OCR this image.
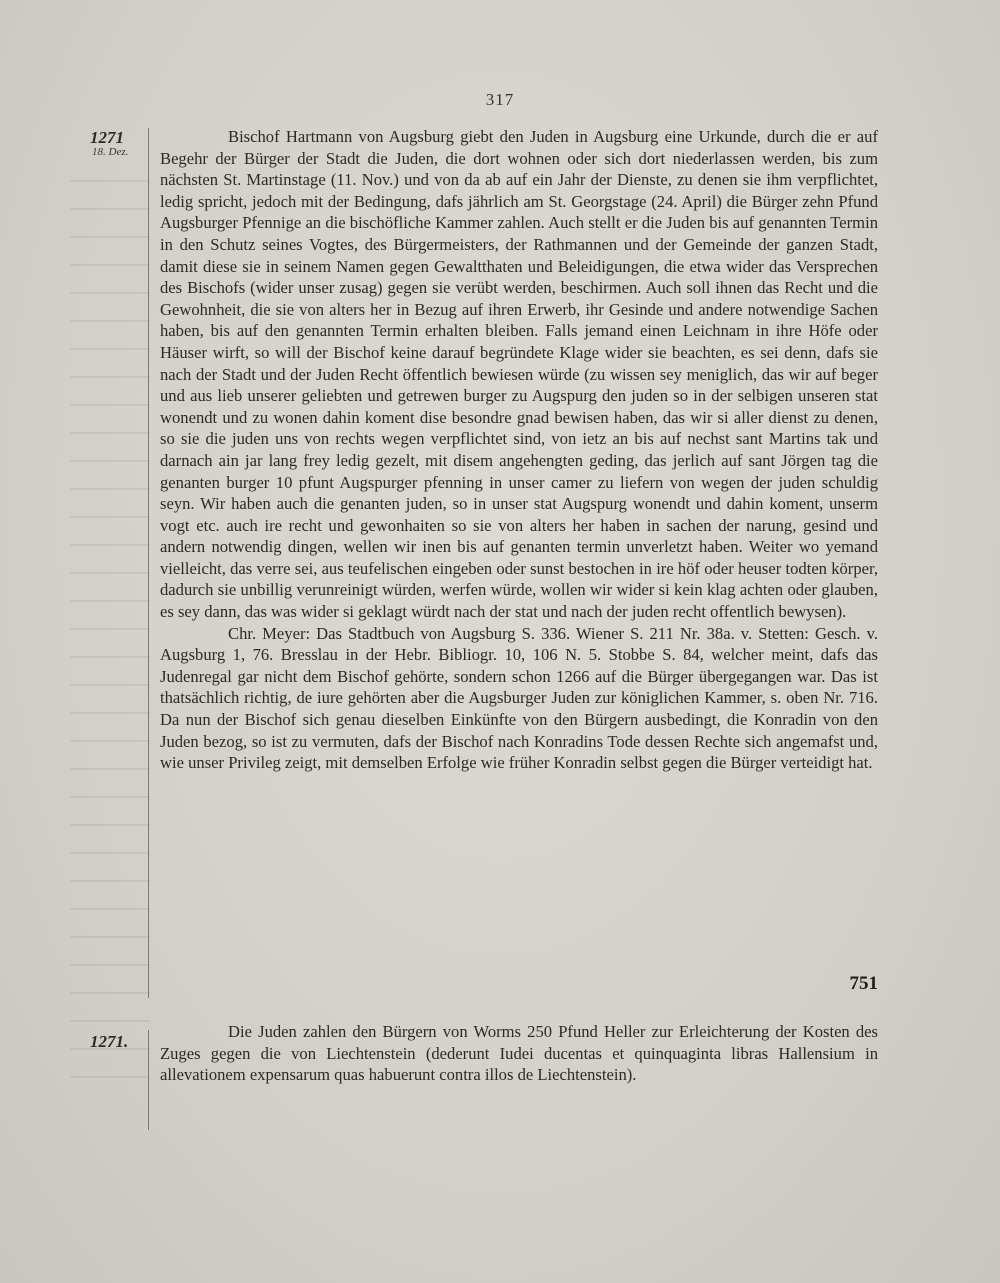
317
1271
18. Dez.

Bischof Hartmann von Augsburg giebt den Juden in Augsburg eine Urkunde, durch die er auf Begehr der Bürger der Stadt die Juden, die dort wohnen oder sich dort niederlassen werden, bis zum nächsten St. Martinstage (11. Nov.) und von da ab auf ein Jahr der Dienste, zu denen sie ihm verpflichtet, ledig spricht, jedoch mit der Bedingung, dafs jährlich am St. Georgstage (24. April) die Bürger zehn Pfund Augsburger Pfennige an die bischöfliche Kammer zahlen. Auch stellt er die Juden bis auf genannten Termin in den Schutz seines Vogtes, des Bürgermeisters, der Rathmannen und der Gemeinde der ganzen Stadt, damit diese sie in seinem Namen gegen Gewaltthaten und Beleidigungen, die etwa wider das Versprechen des Bischofs (wider unser zusag) gegen sie verübt werden, beschirmen. Auch soll ihnen das Recht und die Gewohnheit, die sie von alters her in Bezug auf ihren Erwerb, ihr Gesinde und andere notwendige Sachen haben, bis auf den genannten Termin erhalten bleiben. Falls jemand einen Leichnam in ihre Höfe oder Häuser wirft, so will der Bischof keine darauf begründete Klage wider sie beachten, es sei denn, dafs sie nach der Stadt und der Juden Recht öffentlich bewiesen würde (zu wissen sey meniglich, das wir auf beger und aus lieb unserer geliebten und getrewen burger zu Augspurg den juden so in der selbigen unseren stat wonendt und zu wonen dahin koment dise besondre gnad bewisen haben, das wir si aller dienst zu denen, so sie die juden uns von rechts wegen verpflichtet sind, von ietz an bis auf nechst sant Martins tak und darnach ain jar lang frey ledig gezelt, mit disem angehengten geding, das jerlich auf sant Jörgen tag die genanten burger 10 pfunt Augspurger pfenning in unser camer zu liefern von wegen der juden schuldig seyn. Wir haben auch die genanten juden, so in unser stat Augspurg wonendt und dahin koment, unserm vogt etc. auch ire recht und gewonhaiten so sie von alters her haben in sachen der narung, gesind und andern notwendig dingen, wellen wir inen bis auf genanten termin unverletzt haben. Weiter wo yemand vielleicht, das verre sei, aus teufelischen eingeben oder sunst bestochen in ire höf oder heuser todten körper, dadurch sie unbillig verunreinigt würden, werfen würde, wollen wir wider si kein klag achten oder glauben, es sey dann, das was wider si geklagt würdt nach der stat und nach der juden recht offentlich bewysen).

Chr. Meyer: Das Stadtbuch von Augsburg S. 336. Wiener S. 211 Nr. 38a. v. Stetten: Gesch. v. Augsburg 1, 76. Bresslau in der Hebr. Bibliogr. 10, 106 N. 5. Stobbe S. 84, welcher meint, dafs das Judenregal gar nicht dem Bischof gehörte, sondern schon 1266 auf die Bürger übergegangen war. Das ist thatsächlich richtig, de iure gehörten aber die Augsburger Juden zur königlichen Kammer, s. oben Nr. 716. Da nun der Bischof sich genau dieselben Einkünfte von den Bürgern ausbedingt, die Konradin von den Juden bezog, so ist zu vermuten, dafs der Bischof nach Konradins Tode dessen Rechte sich angemafst und, wie unser Privileg zeigt, mit demselben Erfolge wie früher Konradin selbst gegen die Bürger verteidigt hat.

751
1271.

Die Juden zahlen den Bürgern von Worms 250 Pfund Heller zur Erleichterung der Kosten des Zuges gegen die von Liechtenstein (dederunt Iudei ducentas et quinquaginta libras Hallensium in allevationem expensarum quas habuerunt contra illos de Liechtenstein).
